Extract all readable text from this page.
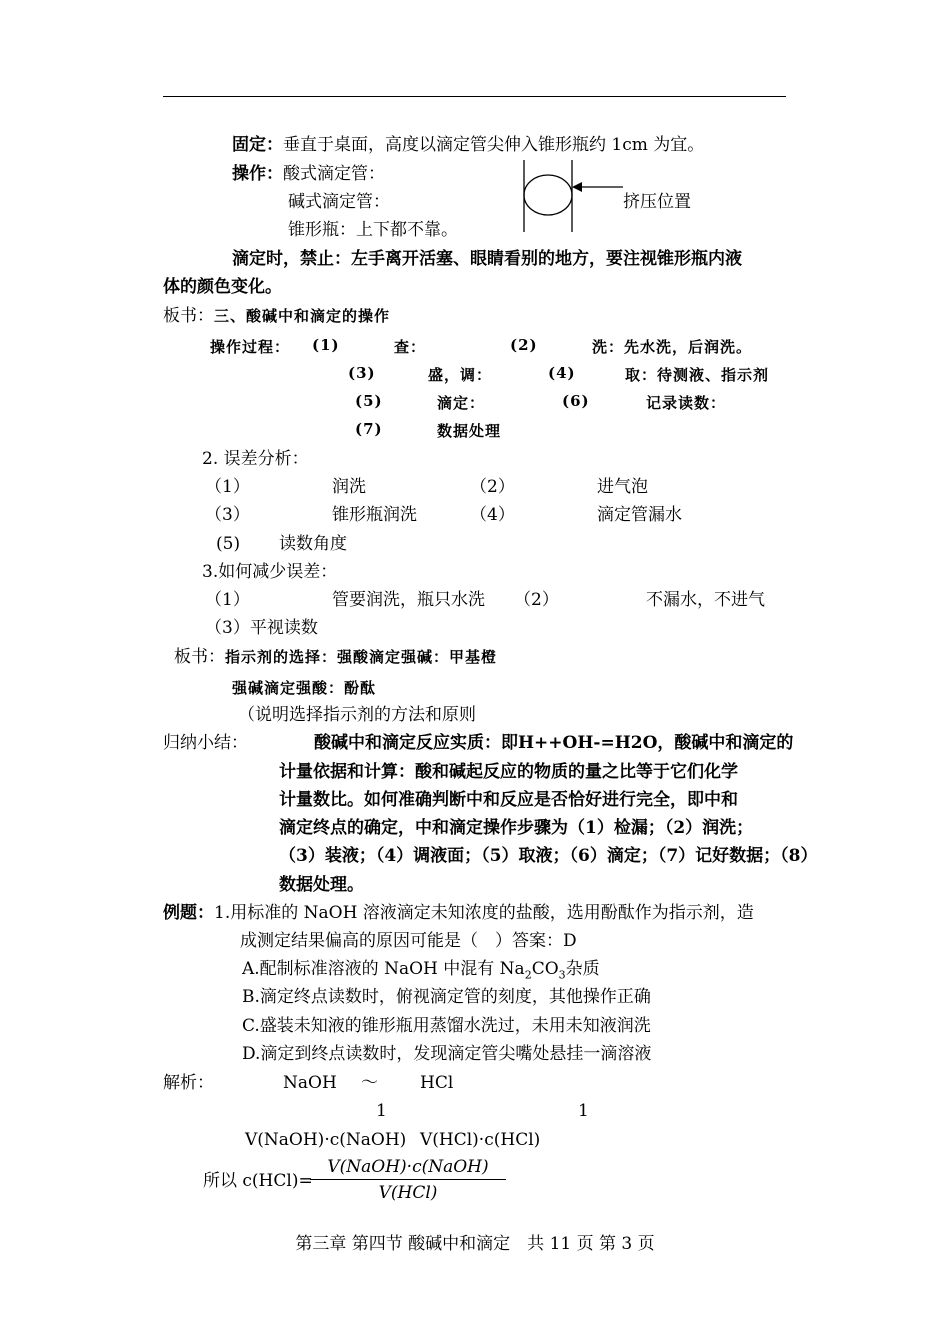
固定：垂直于桌面，高度以滴定管尖伸入锥形瓶约 1cm 为宜。
操作：酸式滴定管：
碱式滴定管：
锥形瓶：上下都不靠。
挤压位置
滴定时，禁止：左手离开活塞、眼睛看别的地方，要注视锥形瓶内液
体的颜色变化。
板书：三、酸碱中和滴定的操作
操作过程： (1)	查：	(2)	洗：先水洗，后润洗。
(3)	盛，调：	(4)	取：待测液、指示剂
(5)	滴定：	(6)	记录读数：
(7)	数据处理
2. 误差分析：
（1）	润洗	（2）	进气泡
（3）	锥形瓶润洗	（4）	滴定管漏水
(5) 读数角度
3.如何减少误差：
（1）	管要润洗，瓶只水洗 （2）	不漏水，不进气
（3）平视读数
板书：指示剂的选择：强酸滴定强碱：甲基橙
强碱滴定强酸：酚酞
（说明选择指示剂的方法和原则
归纳小结：	酸碱中和滴定反应实质：即H++OH-=H2O，酸碱中和滴定的
计量依据和计算：酸和碱起反应的物质的量之比等于它们化学
计量数比。如何准确判断中和反应是否恰好进行完全，即中和
滴定终点的确定，中和滴定操作步骤为（1）检漏；（2）润洗；
（3）装液；（4）调液面；（5）取液；（6）滴定；（7）记好数据；（8）
数据处理。
例题：1.用标准的 NaOH 溶液滴定未知浓度的盐酸，选用酚酞作为指示剂，造
成测定结果偏高的原因可能是（　）答案：D
A.配制标准溶液的 NaOH 中混有 $Na_2CO_3$杂质
B.滴定终点读数时，俯视滴定管的刻度，其他操作正确
C.盛装未知液的锥形瓶用蒸馏水洗过，未用未知液润洗
D.滴定到终点读数时，发现滴定管尖嘴处悬挂一滴溶液
解析：	NaOH ～ HCl
1	1
V(NaOH)·c(NaOH) V(HCl)·c(HCl)
所以 c(HCl)=
V(NaOH)·c(NaOH)
V(HCl)
第三章 第四节 酸碱中和滴定　共 11 页 第 3 页
